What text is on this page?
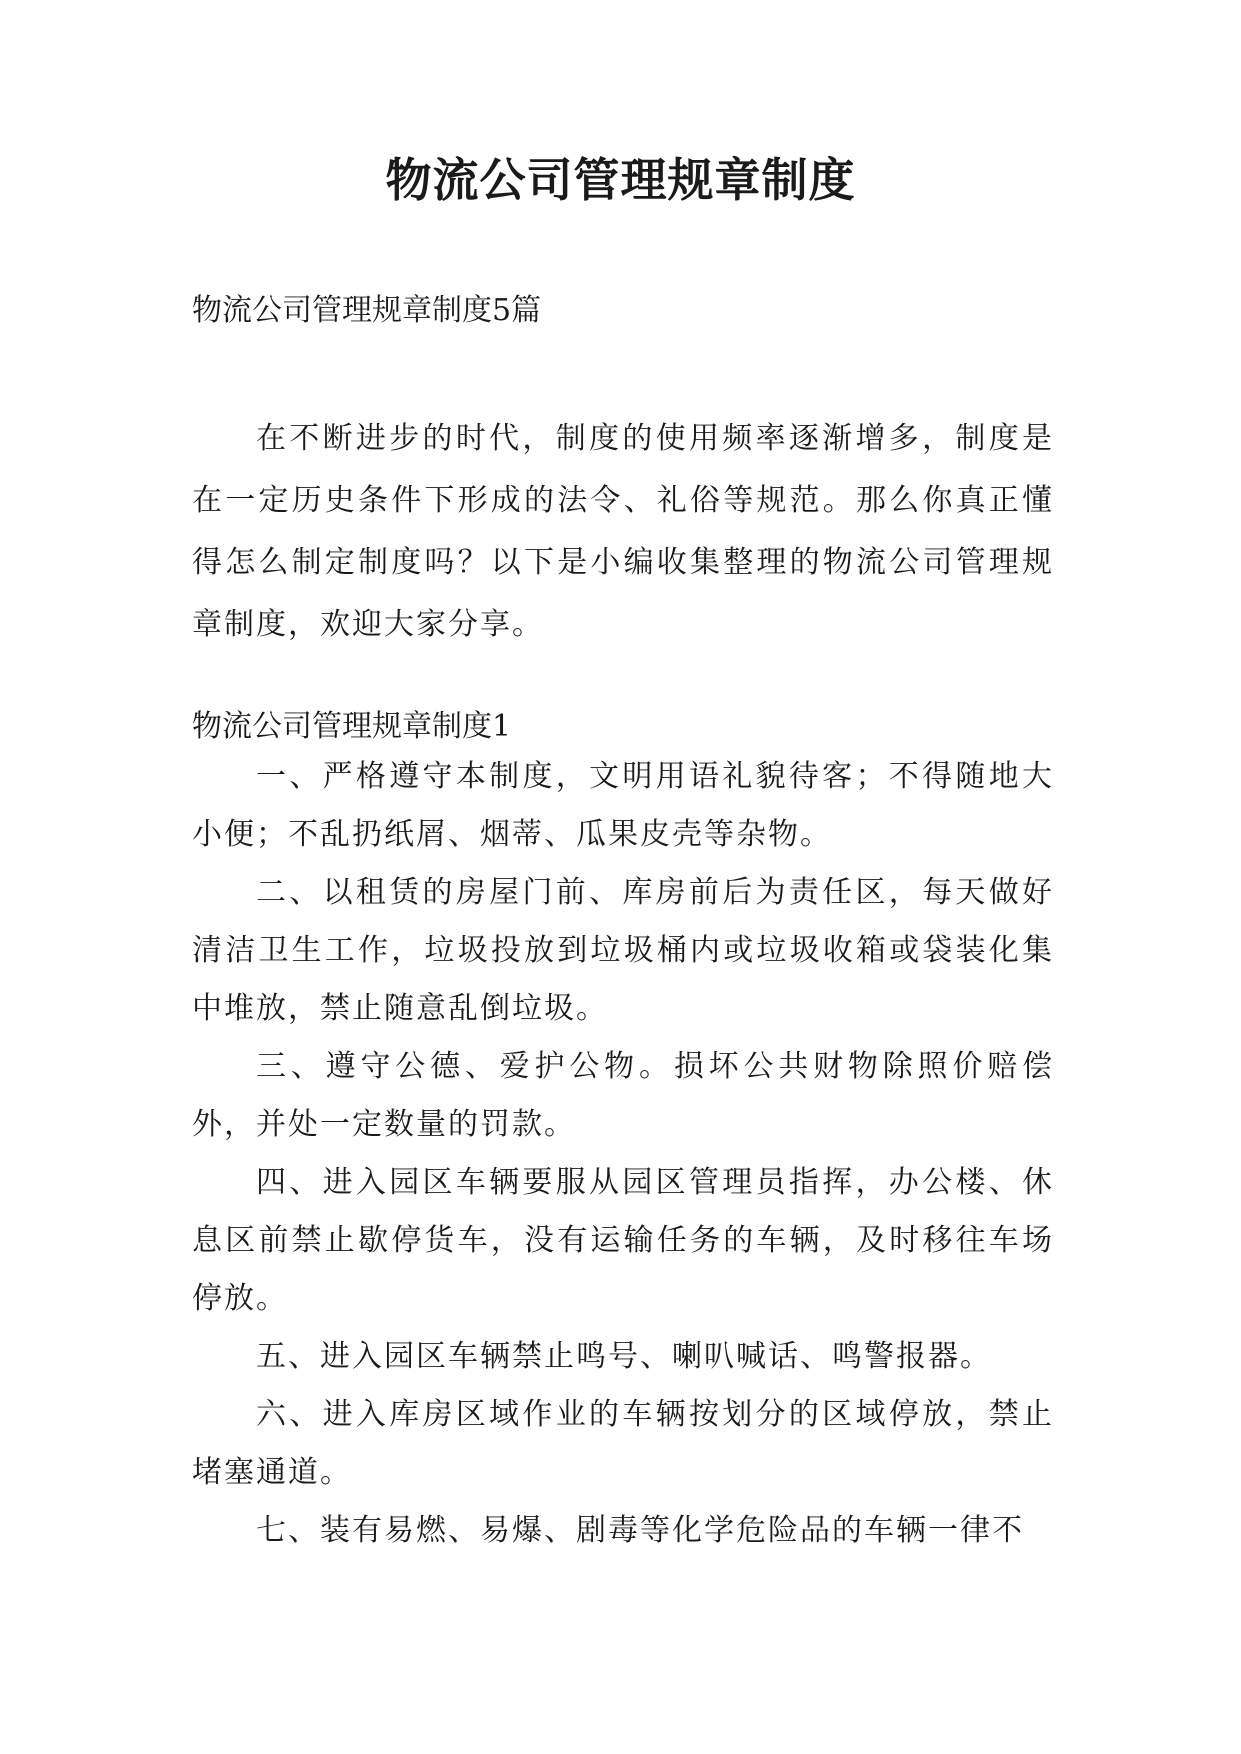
物流公司管理规章制度
物流公司管理规章制度5篇
在不断进步的时代，制度的使用频率逐渐增多，制度是在一定历史条件下形成的法令、礼俗等规范。那么你真正懂得怎么制定制度吗？以下是小编收集整理的物流公司管理规章制度，欢迎大家分享。
物流公司管理规章制度1

一、严格遵守本制度，文明用语礼貌待客；不得随地大小便；不乱扔纸屑、烟蒂、瓜果皮壳等杂物。

二、以租赁的房屋门前、库房前后为责任区，每天做好清洁卫生工作，垃圾投放到垃圾桶内或垃圾收箱或袋装化集中堆放，禁止随意乱倒垃圾。

三、遵守公德、爱护公物。损坏公共财物除照价赔偿外，并处一定数量的罚款。

四、进入园区车辆要服从园区管理员指挥，办公楼、休息区前禁止歇停货车，没有运输任务的车辆，及时移往车场停放。

五、进入园区车辆禁止鸣号、喇叭喊话、鸣警报器。

六、进入库房区域作业的车辆按划分的区域停放，禁止堵塞通道。

七、装有易燃、易爆、剧毒等化学危险品的车辆一律不
